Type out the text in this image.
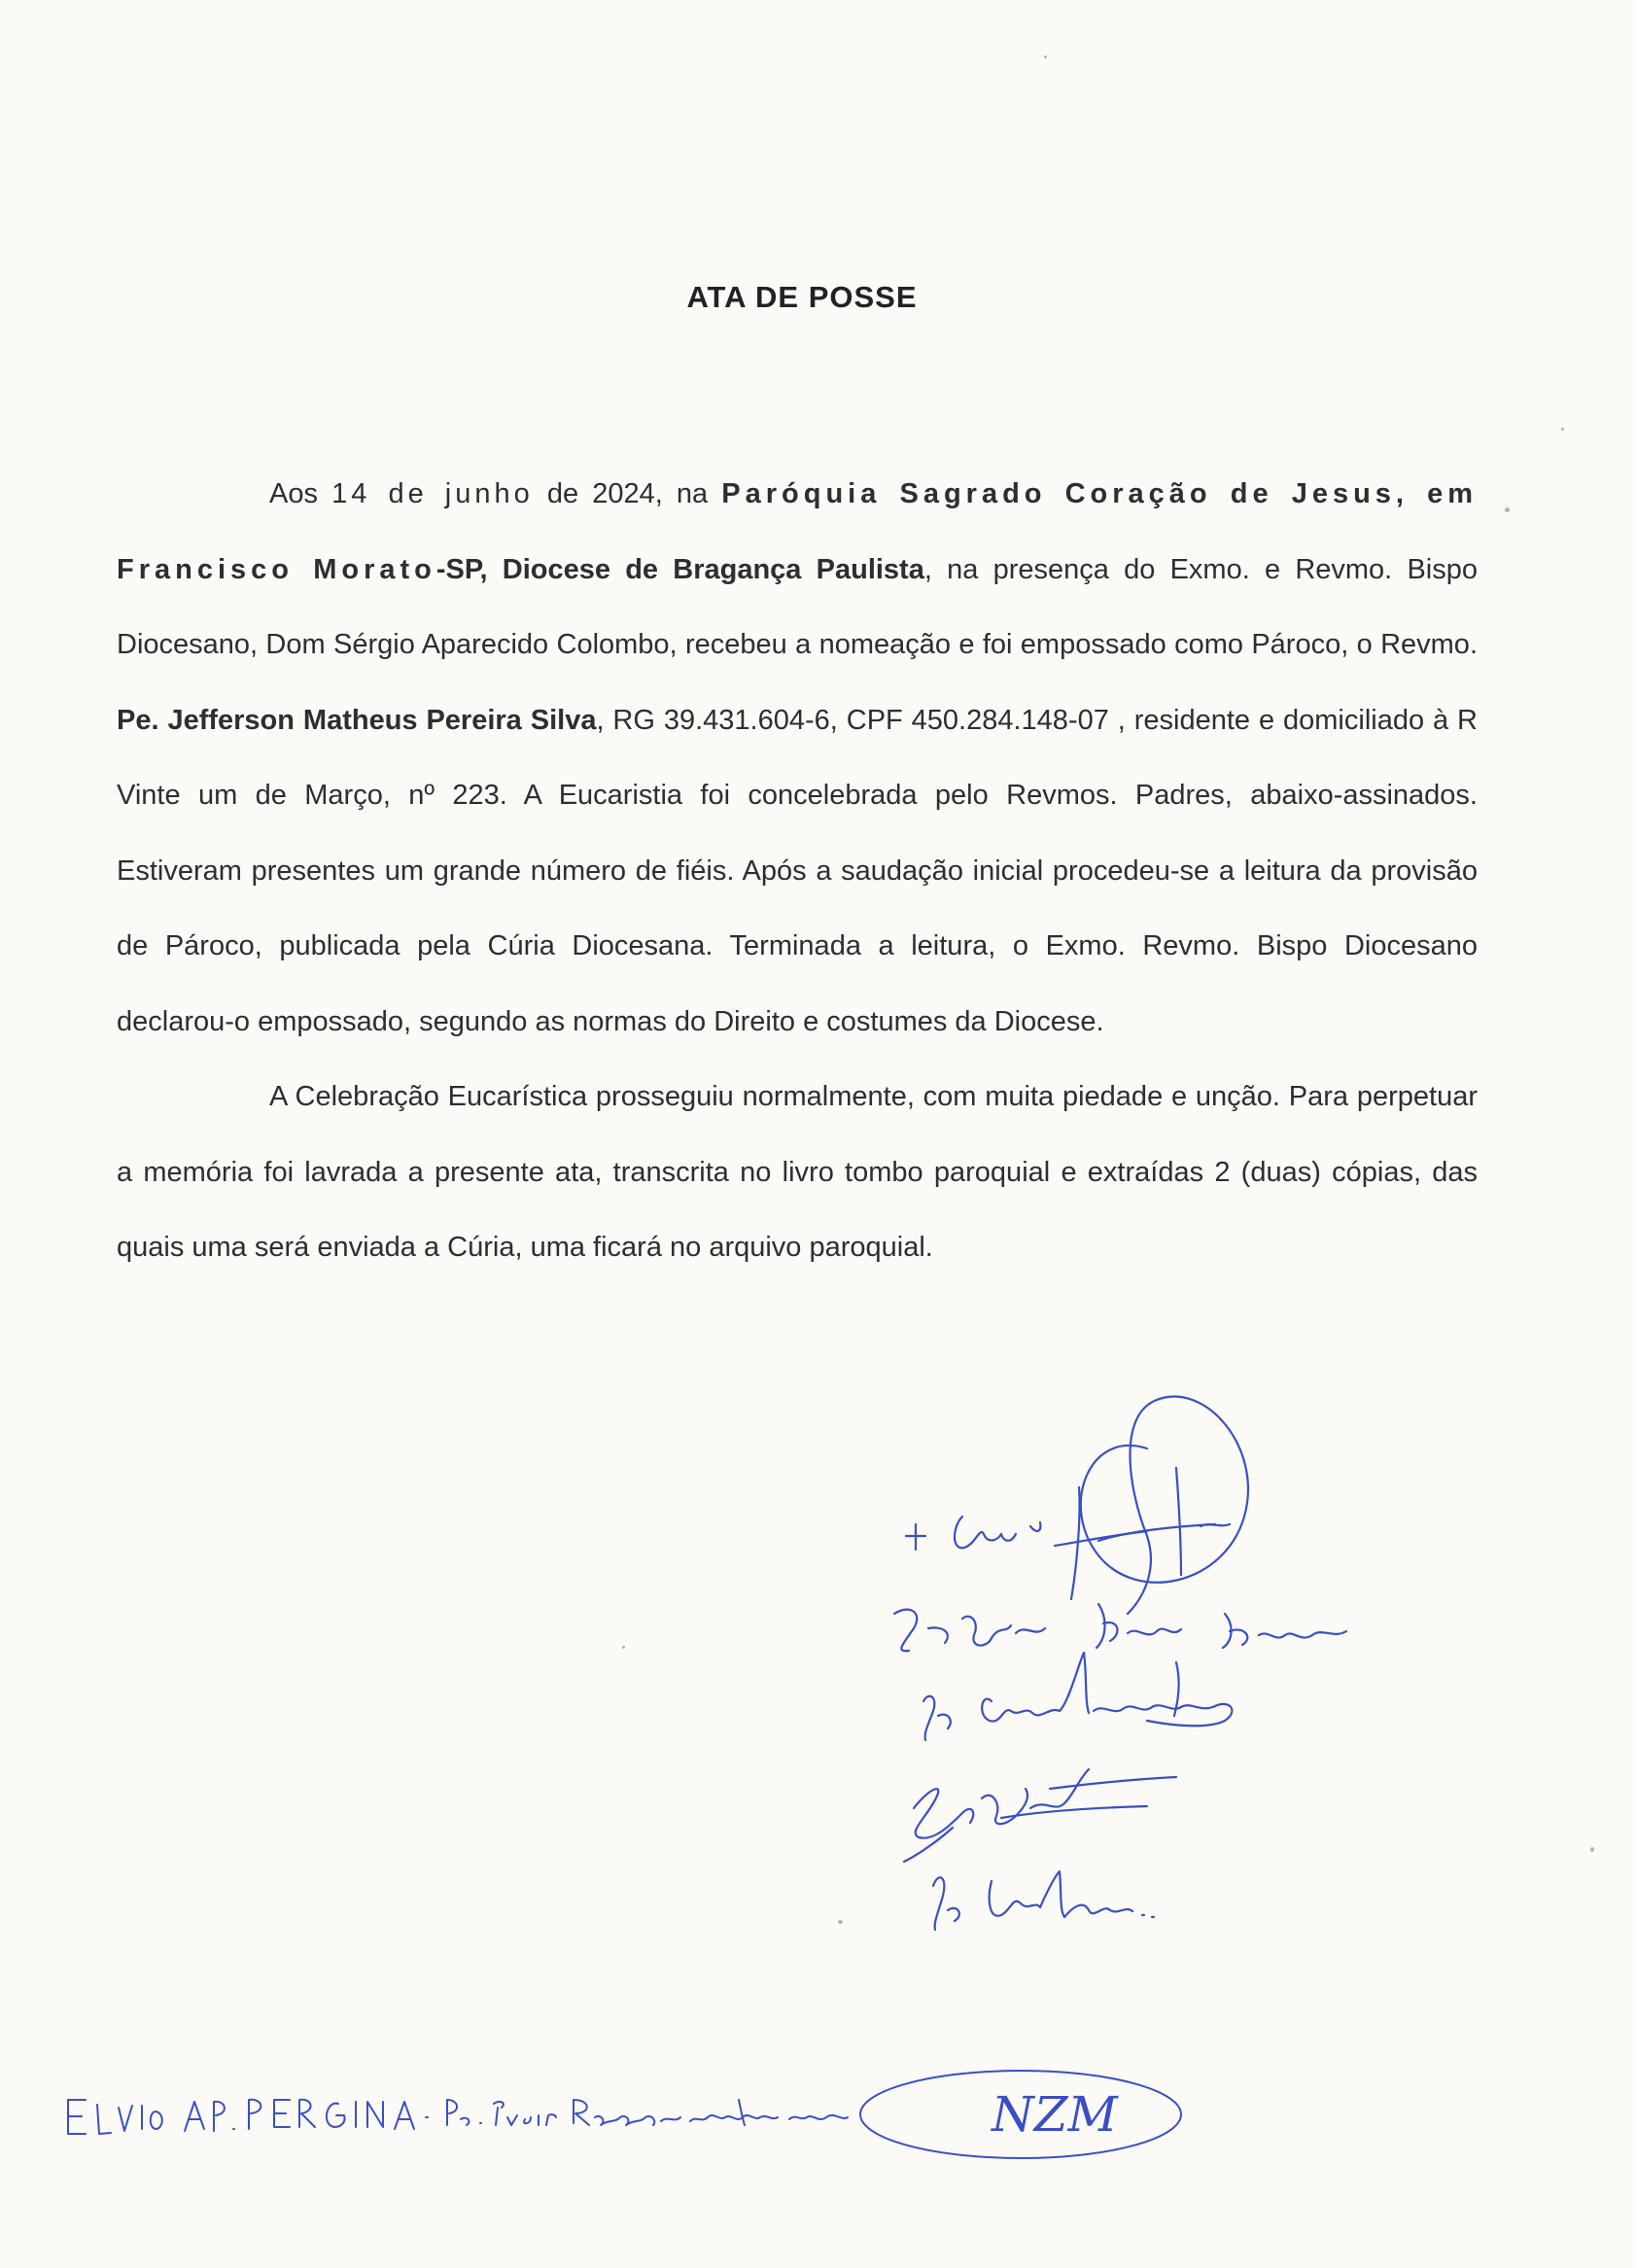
ATA DE POSSE

Aos 14 de junho de 2024, na Paróquia Sagrado Coração de Jesus, em Francisco Morato-SP, Diocese de Bragança Paulista, na presença do Exmo. e Revmo. Bispo Diocesano, Dom Sérgio Aparecido Colombo, recebeu a nomeação e foi empossado como Pároco, o Revmo. Pe. Jefferson Matheus Pereira Silva, RG 39.431.604-6, CPF 450.284.148-07 , residente e domiciliado à R Vinte um de Março, nº 223. A Eucaristia foi concelebrada pelo Revmos. Padres, abaixo-assinados. Estiveram presentes um grande número de fiéis. Após a saudação inicial procedeu-se a leitura da provisão de Pároco, publicada pela Cúria Diocesana. Terminada a leitura, o Exmo. Revmo. Bispo Diocesano declarou-o empossado, segundo as normas do Direito e costumes da Diocese.

A Celebração Eucarística prosseguiu normalmente, com muita piedade e unção. Para perpetuar a memória foi lavrada a presente ata, transcrita no livro tombo paroquial e extraídas 2 (duas) cópias, das quais uma será enviada a Cúria, uma ficará no arquivo paroquial.

NZM
